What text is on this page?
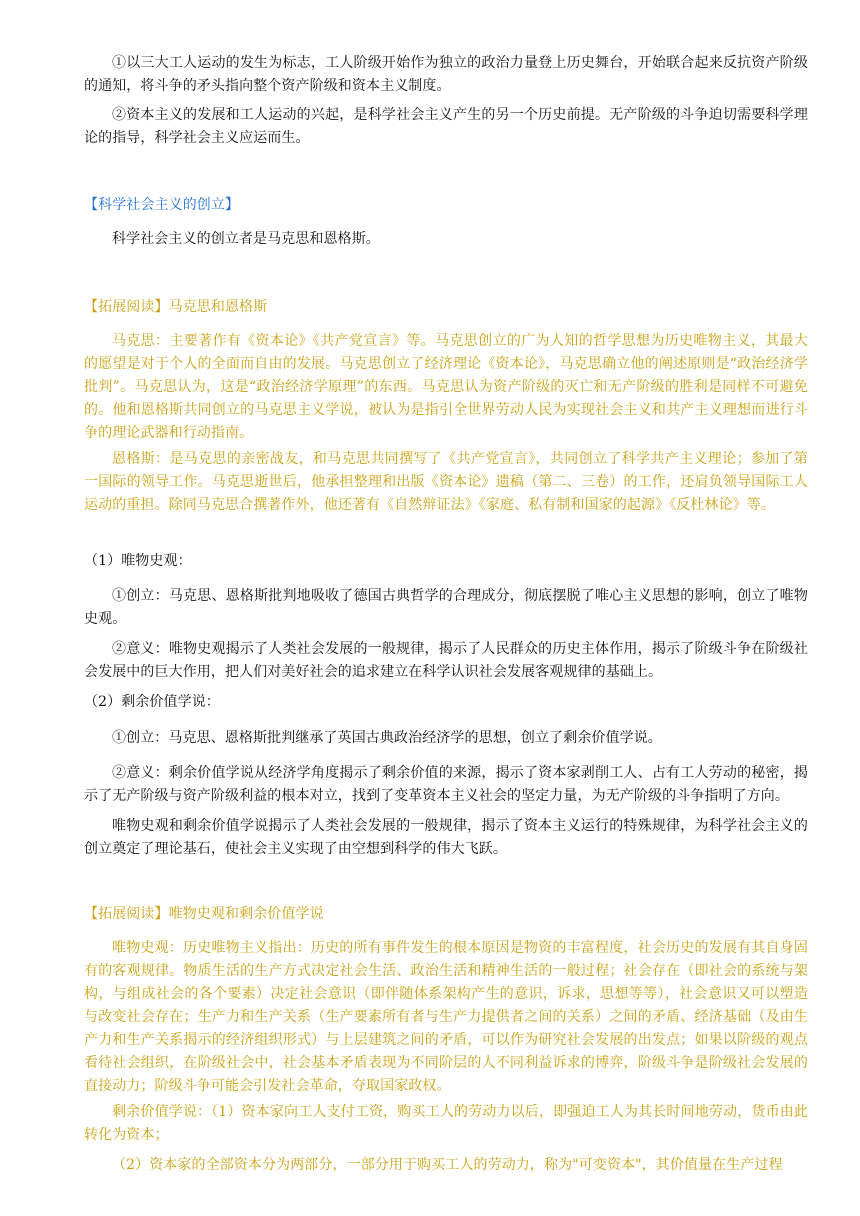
①以三大工人运动的发生为标志，工人阶级开始作为独立的政治力量登上历史舞台，开始联合起来反抗资产阶级的通知，将斗争的矛头指向整个资产阶级和资本主义制度。

②资本主义的发展和工人运动的兴起，是科学社会主义产生的另一个历史前提。无产阶级的斗争迫切需要科学理论的指导，科学社会主义应运而生。

【科学社会主义的创立】

科学社会主义的创立者是马克思和恩格斯。

【拓展阅读】马克思和恩格斯

马克思：主要著作有《资本论》《共产党宣言》等。马克思创立的广为人知的哲学思想为历史唯物主义，其最大的愿望是对于个人的全面而自由的发展。马克思创立了经济理论《资本论》，马克思确立他的阐述原则是“政治经济学批判”。马克思认为，这是“政治经济学原理”的东西。马克思认为资产阶级的灭亡和无产阶级的胜利是同样不可避免的。他和恩格斯共同创立的马克思主义学说，被认为是指引全世界劳动人民为实现社会主义和共产主义理想而进行斗争的理论武器和行动指南。

恩格斯：是马克思的亲密战友，和马克思共同撰写了《共产党宣言》，共同创立了科学共产主义理论；参加了第一国际的领导工作。马克思逝世后，他承担整理和出版《资本论》遗稿（第二、三卷）的工作，还肩负领导国际工人运动的重担。除同马克思合撰著作外，他还著有《自然辩证法》《家庭、私有制和国家的起源》《反杜林论》等。

（1）唯物史观：

①创立：马克思、恩格斯批判地吸收了德国古典哲学的合理成分，彻底摆脱了唯心主义思想的影响，创立了唯物史观。

②意义：唯物史观揭示了人类社会发展的一般规律，揭示了人民群众的历史主体作用，揭示了阶级斗争在阶级社会发展中的巨大作用，把人们对美好社会的追求建立在科学认识社会发展客观规律的基础上。

（2）剩余价值学说：

①创立：马克思、恩格斯批判继承了英国古典政治经济学的思想，创立了剩余价值学说。

②意义：剩余价值学说从经济学角度揭示了剩余价值的来源，揭示了资本家剥削工人、占有工人劳动的秘密，揭示了无产阶级与资产阶级利益的根本对立，找到了变革资本主义社会的坚定力量，为无产阶级的斗争指明了方向。

唯物史观和剩余价值学说揭示了人类社会发展的一般规律，揭示了资本主义运行的特殊规律，为科学社会主义的创立奠定了理论基石，使社会主义实现了由空想到科学的伟大飞跃。

【拓展阅读】唯物史观和剩余价值学说

唯物史观：历史唯物主义指出：历史的所有事件发生的根本原因是物资的丰富程度，社会历史的发展有其自身固有的客观规律。物质生活的生产方式决定社会生活、政治生活和精神生活的一般过程；社会存在（即社会的系统与架构，与组成社会的各个要素）决定社会意识（即伴随体系架构产生的意识，诉求，思想等等），社会意识又可以塑造与改变社会存在；生产力和生产关系（生产要素所有者与生产力提供者之间的关系）之间的矛盾、经济基础（及由生产力和生产关系揭示的经济组织形式）与上层建筑之间的矛盾，可以作为研究社会发展的出发点；如果以阶级的观点看待社会组织，在阶级社会中，社会基本矛盾表现为不同阶层的人不同利益诉求的博弈，阶级斗争是阶级社会发展的直接动力；阶级斗争可能会引发社会革命，夺取国家政权。

剩余价值学说：（1）资本家向工人支付工资，购买工人的劳动力以后，即强迫工人为其长时间地劳动，货币由此转化为资本；

（2）资本家的全部资本分为两部分，一部分用于购买工人的劳动力，称为"可变资本"，其价值量在生产过程
